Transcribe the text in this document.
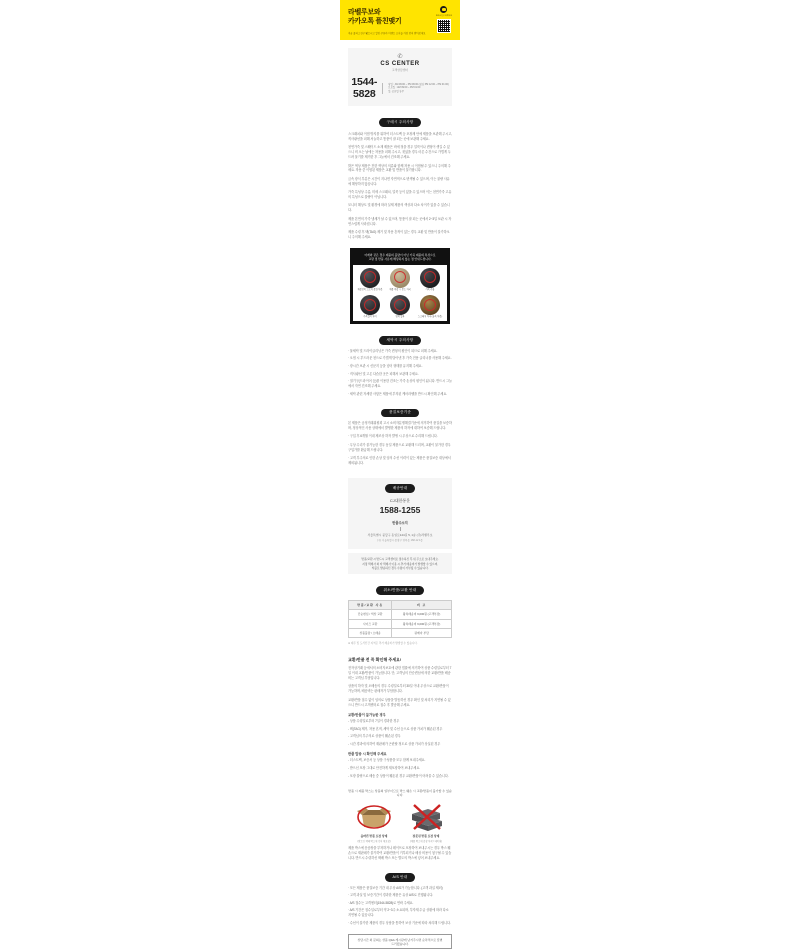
라벨루보와
카카오톡 플친맺기
지금 플러스친구 맺으시고 할인 쿠폰과 이벤트 소식을 가장 먼저 받아보세요
플러스친구 라벨루보
✆
CS CENTER
고객상담센터
1544-5828
평일 : AM 09:00 ~ PM 06:00 (점심 PM 12:00 ~ PM 01:00)
토요일 : AM 09:00 ~ PM 01:00
일, 공휴일 휴무
구매시 주의사항
스크래치와 이염 방지를 위하여 더스트백 등 포장재 안에 제품을 보관해 주시고, 직사광선을 피해 서늘하고 통풍이 잘 되는 곳에 보관해 주세요.
천연가죽 및 스웨이드 소재 제품은 비에 젖을 경우 얼룩이나 변형이 생길 수 있으니 비 오는 날에는 착용을 피해 주시고, 젖었을 경우 마른 수건으로 가볍게 두드려 물기를 제거한 후 그늘에서 건조해 주세요.
밝은 색상 제품은 진한 색상의 의류와 함께 착용 시 이염될 수 있으니 주의해 주세요. 착용 중 이염된 제품은 교환 및 반품이 불가합니다.
금속 장식 부분은 시간이 지나면 자연적으로 변색될 수 있으며, 이는 불량 사유에 해당하지 않습니다.
가죽 특성상 주름, 미세 스크래치, 얼룩 등이 있을 수 있으며 이는 천연가죽 고유의 특성으로 불량이 아닙니다.
모니터 해상도 및 환경에 따라 실제 제품의 색상과 다소 차이가 있을 수 있습니다.
제품 본연의 가죽 냄새가 날 수 있으며, 통풍이 잘 되는 곳에서 2~3일 보관 시 자연스럽게 사라집니다.
제품 수령 후 택(TAG) 제거 및 착용 흔적이 있는 경우 교환 및 반품이 불가하오니 주의해 주세요.
아래와 같은 경우 제품의 불량이 아닌 가죽 제품의 특성으로
교환 및 반품 사유에 해당되지 않는 점 안내드립니다.
재봉선이 고르지 못한 부분	제품 마감 시 본드 자국	가죽 주름
가죽결의 차이	염색 얼룩	스크래치 자국 (금속 부분)
세탁시 주의사항
· 물세탁 및 드라이클리닝은 가죽 변형의 원인이 되므로 피해 주세요.
· 오염 시 부드러운 천으로 가볍게 닦아낸 후 가죽 전용 클리너를 사용해 주세요.
· 장시간 보관 시 신문지 등을 넣어 형태를 유지해 주세요.
· 직사광선 및 고온 다습한 곳은 피해서 보관해 주세요.
· 열기구(드라이어 등)를 이용한 건조는 가죽 손상의 원인이 됩니다. 반드시 그늘에서 자연 건조해 주세요.
· 세탁 관련 자세한 사항은 제품에 부착된 케어라벨을 반드시 확인해 주세요.
품질보증기준
본 제품은 공정거래위원회 고시 소비자분쟁해결기준에 의거하여 품질을 보증하며, 정상적인 사용 상태에서 발생한 제품의 하자에 대하여 보증해 드립니다.
· 구입 후 6개월 이내 제조상 하자 발생 시 무상으로 수리해 드립니다.
· 무상 수리가 불가능한 경우 동일 제품으로 교환해 드리며, 교환이 불가한 경우 구입가를 환급해 드립니다.
· 고객 부주의로 인한 손상 및 임의 수선 이력이 있는 제품은 품질보증 대상에서 제외됩니다.
배송안내
CJ대한통운
1588-1255
반품주소지
서울특별시 중랑구 동일로144길 5, 1층 (주)라벨루보
(구) 서울특별시 중랑구 면목동 168-12 1층
반품/교환 시 반드시 고객센터로 접수하신 후 위 주소로 보내주세요.
지정 택배사 외 타 택배사 이용 시 추가 배송비가 발생할 수 있으며,
착불로 발송하신 경우 수령이 거부될 수 있습니다.
취소/반품/교환 안내
반품/교환 사유	비 고
단순변심 / 색상 교환	왕복배송비 6,000원 (고객부담)
사이즈 교환	왕복배송비 6,000원 (고객부담)
상품불량 / 오배송	판매자 부담
※ 제주 및 도서산간 지역은 추가 배송비가 발생할 수 있습니다.
교환/반품 전 꼭 확인해 주세요!
전자상거래 등에서의 소비자보호에 관한 법률에 의거하여 상품 수령일로부터 7일 이내 교환/반품이 가능합니다. 단, 고객님의 단순변심에 의한 교환/반품 배송비는 고객님 부담입니다.
상품의 하자 및 오배송의 경우 수령일로부터 30일 이내 무상으로 교환/반품이 가능하며, 배송비는 판매자가 부담합니다.
교환/반품 접수 없이 임의로 상품을 발송하신 경우 확인 및 처리가 지연될 수 있으니 반드시 고객센터로 접수 후 발송해 주세요.
교환/반품이 불가능한 경우
- 상품 수령일로부터 7일이 경과한 경우
- 택(TAG) 제거, 착용 흔적, 세탁 및 수선 등으로 상품 가치가 훼손된 경우
- 고객님의 부주의로 상품이 훼손된 경우
- 시간 경과에 의하여 재판매가 곤란할 정도로 상품 가치가 상실된 경우
반품 발송 시 확인해 주세요
- 더스트백, 보증서 등 상품 구성품을 모두 함께 보내주세요.
- 받으신 포장 그대로 안전하게 재포장하여 보내주세요.
- 포장 불량으로 배송 중 상품이 훼손된 경우 교환/반품이 어려울 수 있습니다.
반품 시 제품 박스는 상품의 일부이므로 박스 훼손 시 교환/반품이 불가할 수 있습니다.
올바른 반품 포장 상태
(받으신 택배 박스에 넣어 재포장)
잘못된 반품 포장 상태
(제품 박스에 송장 부착 / 테이핑)
제품 박스에 운송장을 부착하거나 테이프로 포장하여 보내주시는 경우 박스 훼손으로 재판매가 불가하여 교환/반품이 거부되거나 배상 비용이 청구될 수 있습니다. 반드시 수령하신 택배 박스 또는 별도의 박스에 넣어 보내주세요.
A/S 안내
· 모든 제품은 품질보증 기간 내 무상 A/S가 가능합니다. (고객 과실 제외)
· 고객 과실 및 보증기간이 경과한 제품은 유상 A/S로 진행됩니다.
· A/S 접수는 고객센터(1544-5828)로 연락 주세요.
· A/S 기간은 접수일로부터 약 2~3주 소요되며, 부자재 수급 상황에 따라 다소 지연될 수 있습니다.
· 수선이 불가한 제품의 경우 상담을 통하여 보상 기준에 따라 처리해 드립니다.
상담시간 외 문의는 상품 Q&A 게시판에 남겨주시면 순차적으로 답변 드리겠습니다.
